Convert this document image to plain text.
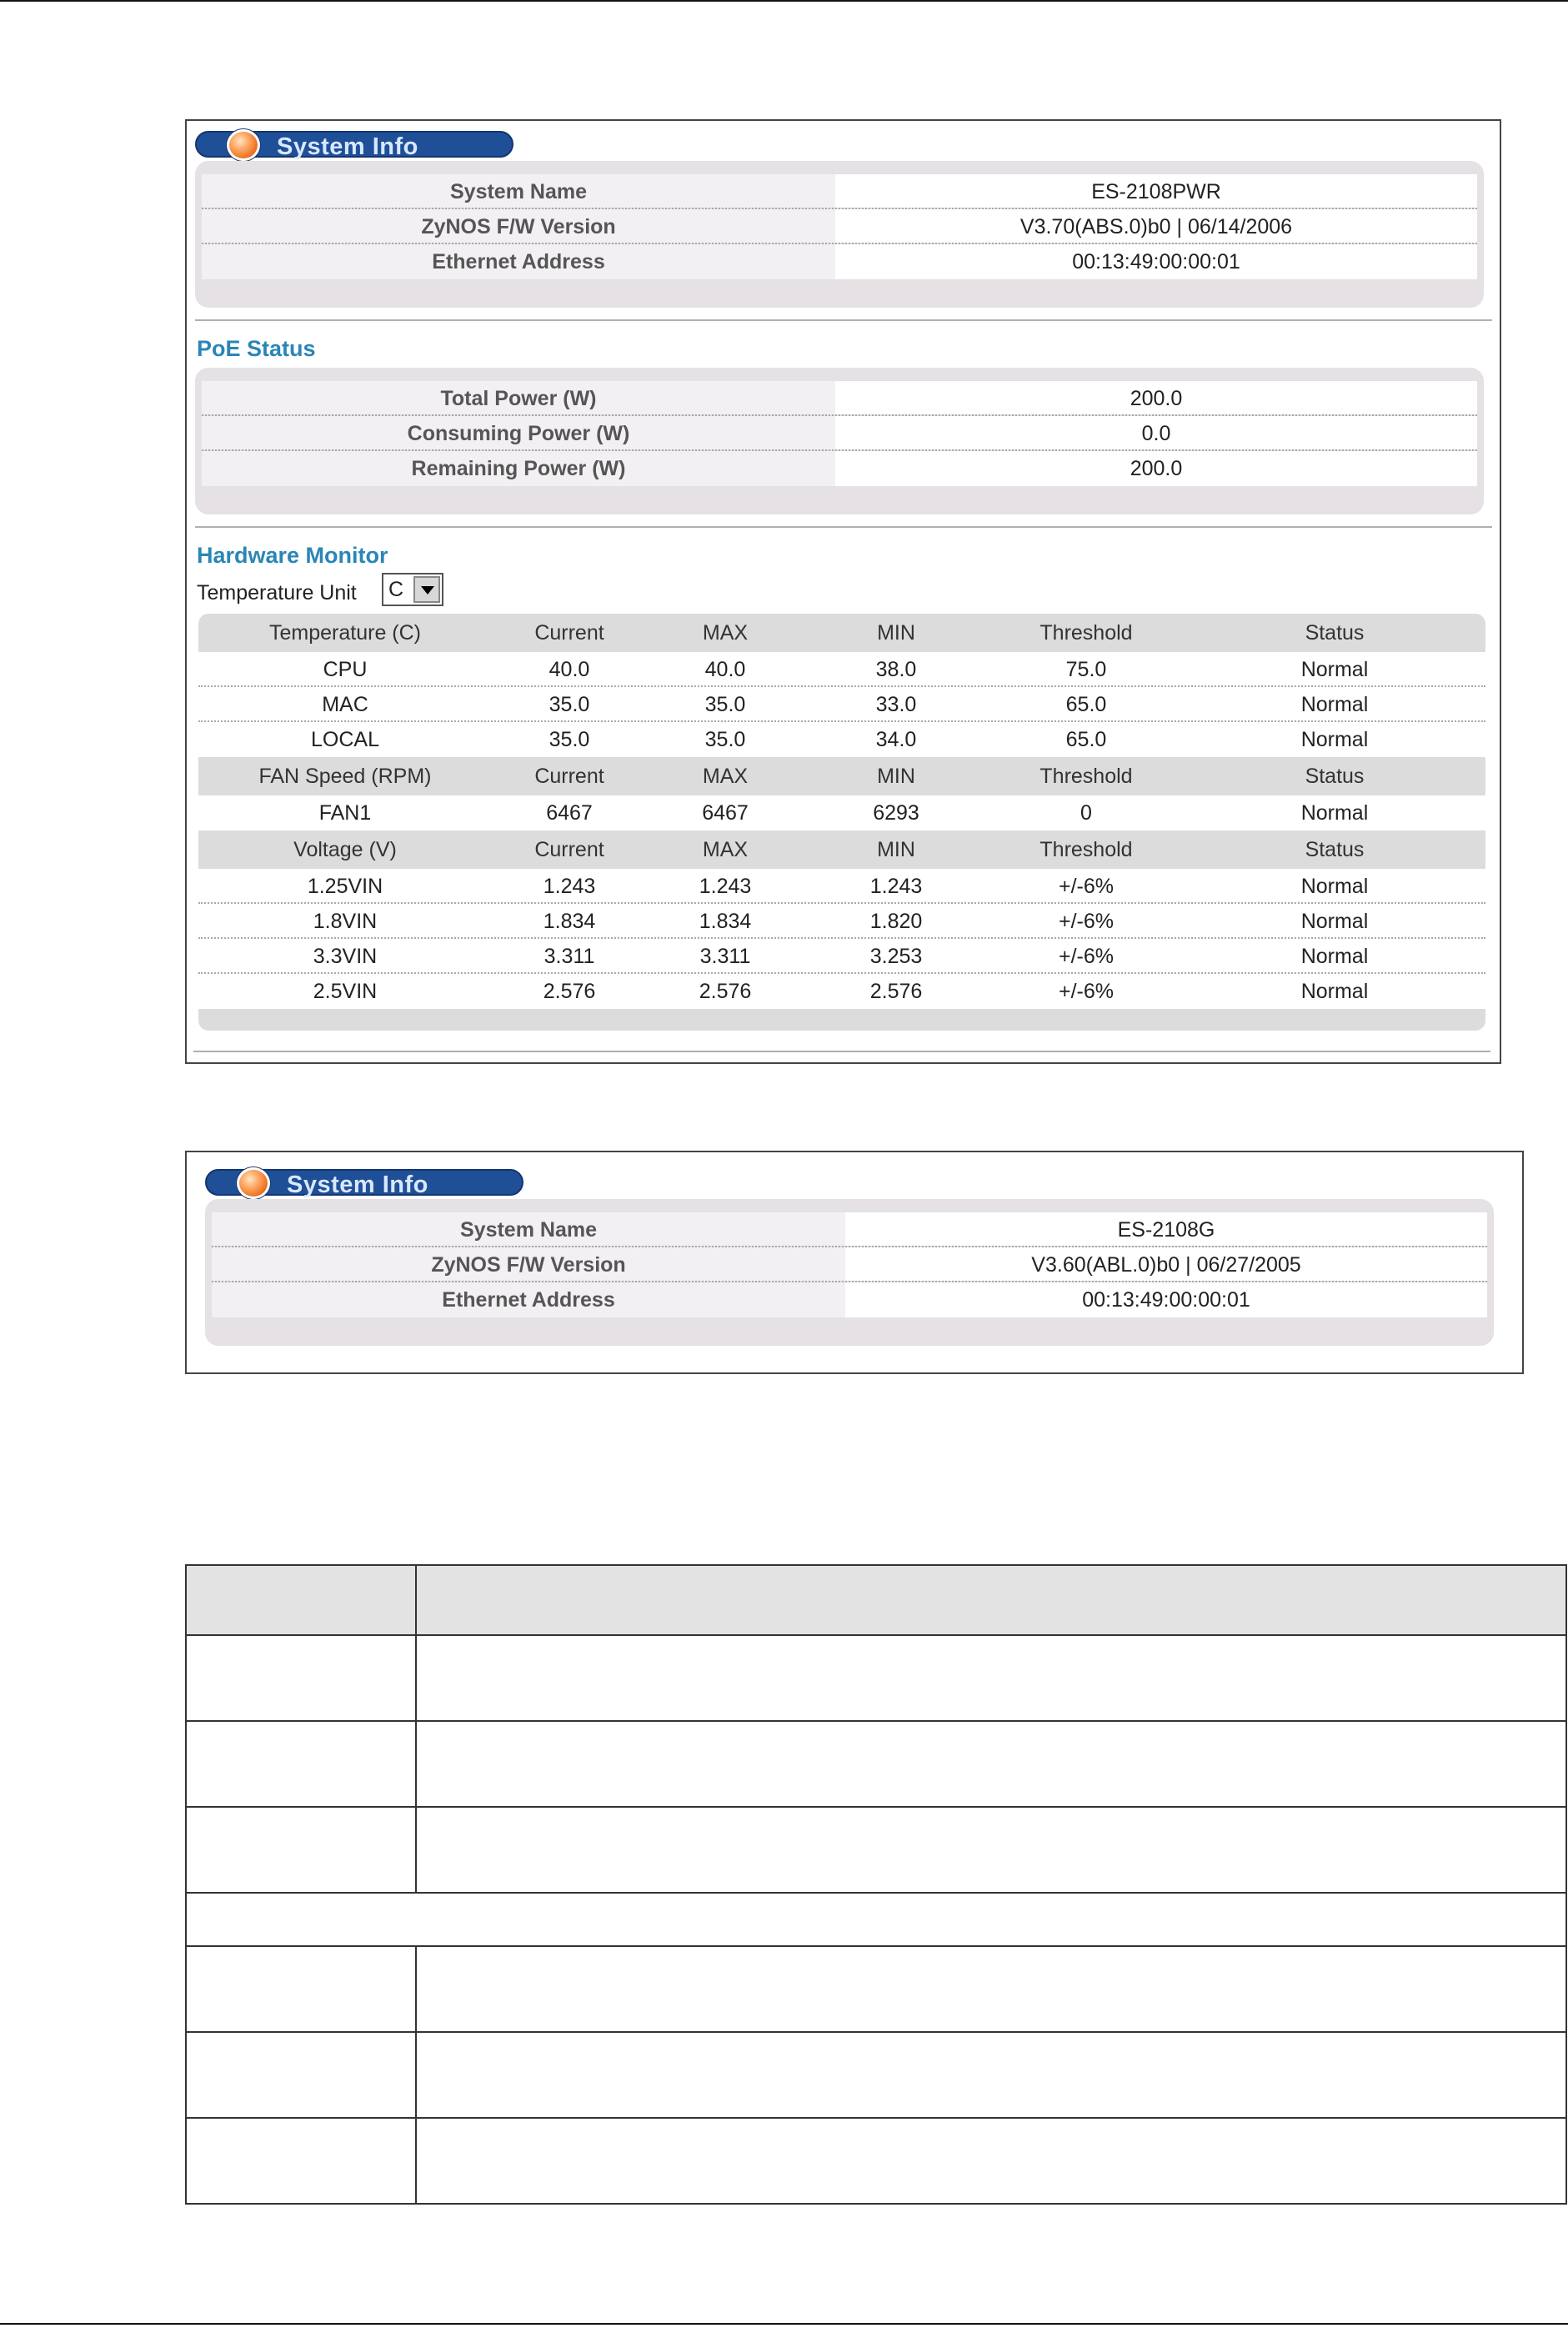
System Info
System Name	ES-2108PWR
ZyNOS F/W Version	V3.70(ABS.0)b0 | 06/14/2006
Ethernet Address	00:13:49:00:00:01
PoE Status
Total Power (W)	200.0
Consuming Power (W)	0.0
Remaining Power (W)	200.0
Hardware Monitor
Temperature Unit C
Temperature (C)	Current	MAX	MIN	Threshold	Status
CPU	40.0	40.0	38.0	75.0	Normal
MAC	35.0	35.0	33.0	65.0	Normal
LOCAL	35.0	35.0	34.0	65.0	Normal
FAN Speed (RPM)	Current	MAX	MIN	Threshold	Status
FAN1	6467	6467	6293	0	Normal
Voltage (V)	Current	MAX	MIN	Threshold	Status
1.25VIN	1.243	1.243	1.243	+/-6%	Normal
1.8VIN	1.834	1.834	1.820	+/-6%	Normal
3.3VIN	3.311	3.311	3.253	+/-6%	Normal
2.5VIN	2.576	2.576	2.576	+/-6%	Normal
System Info
System Name	ES-2108G
ZyNOS F/W Version	V3.60(ABL.0)b0 | 06/27/2005
Ethernet Address	00:13:49:00:00:01
